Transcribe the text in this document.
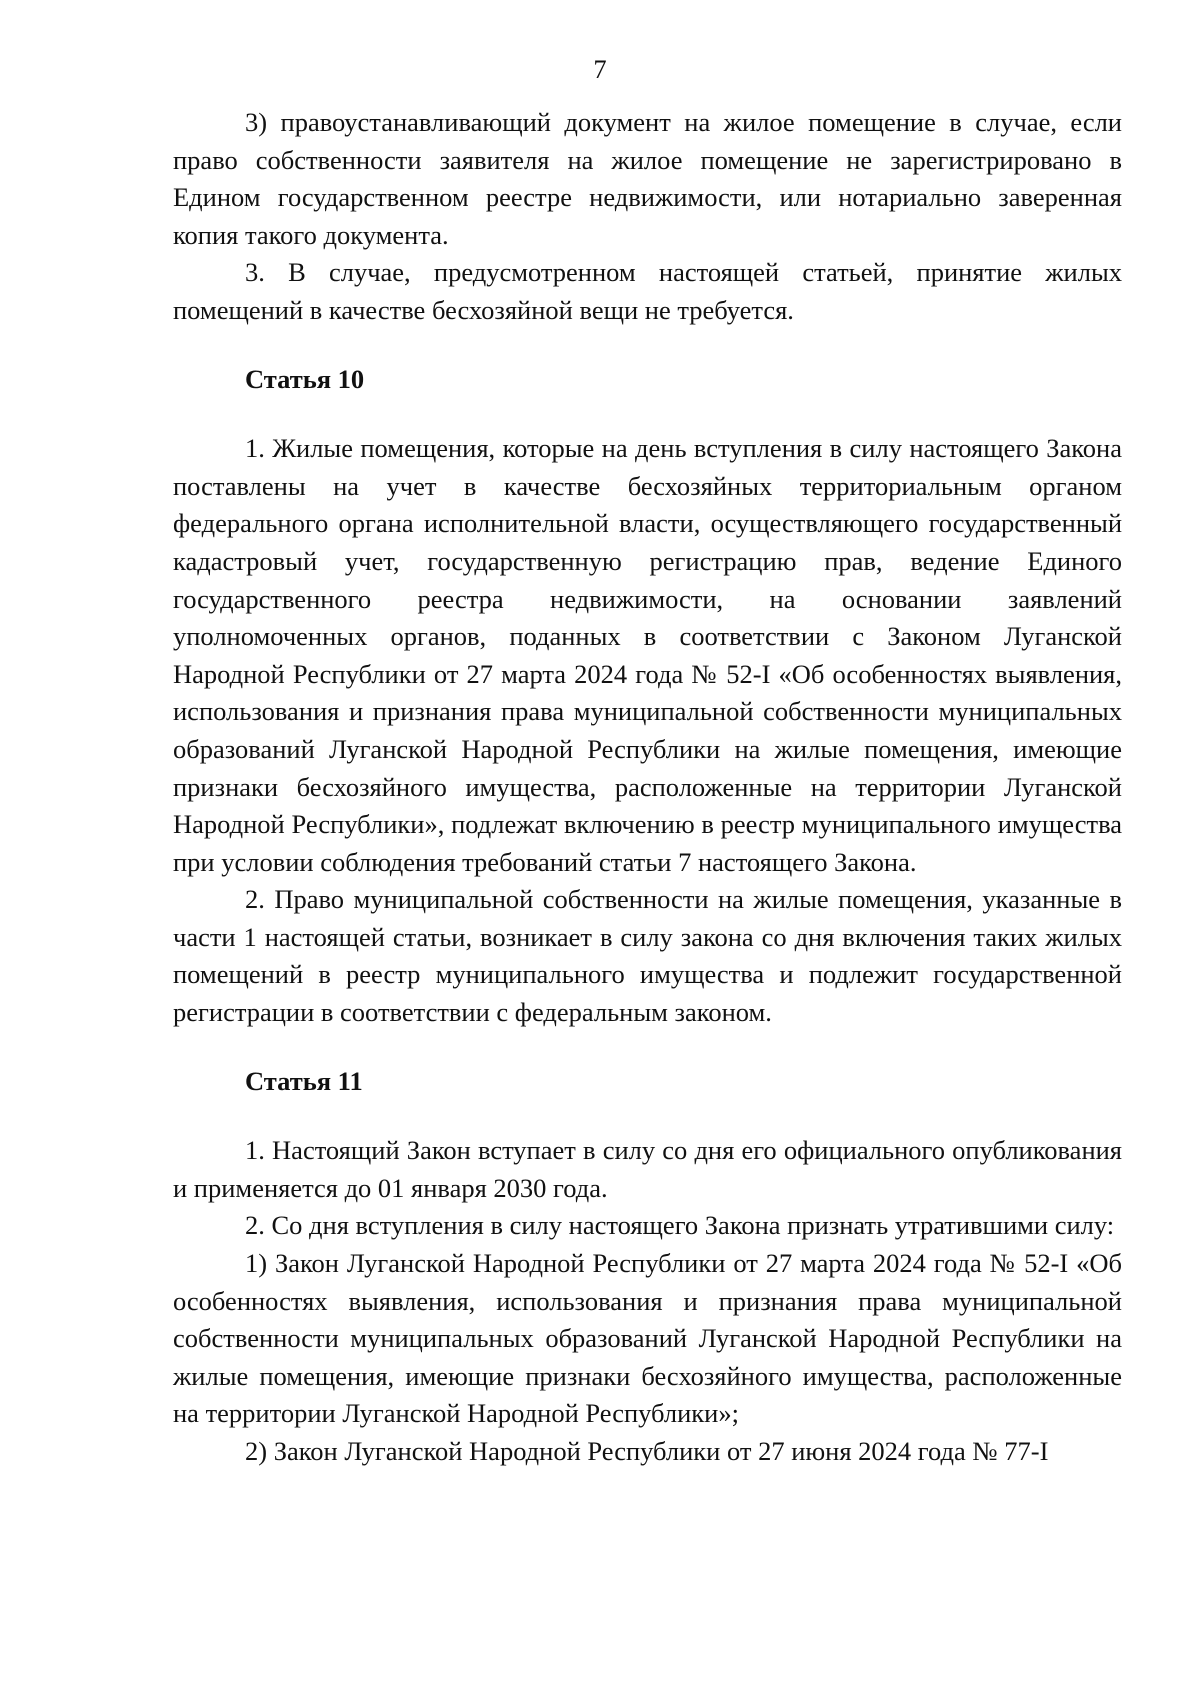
7

3) правоустанавливающий документ на жилое помещение в случае, если право собственности заявителя на жилое помещение не зарегистрировано в Едином государственном реестре недвижимости, или нотариально заверенная копия такого документа.

3. В случае, предусмотренном настоящей статьей, принятие жилых помещений в качестве бесхозяйной вещи не требуется.

Статья 10

1. Жилые помещения, которые на день вступления в силу настоящего Закона поставлены на учет в качестве бесхозяйных территориальным органом федерального органа исполнительной власти, осуществляющего государственный кадастровый учет, государственную регистрацию прав, ведение Единого государственного реестра недвижимости, на основании заявлений уполномоченных органов, поданных в соответствии с Законом Луганской Народной Республики от 27 марта 2024 года № 52-I «Об особенностях выявления, использования и признания права муниципальной собственности муниципальных образований Луганской Народной Республики на жилые помещения, имеющие признаки бесхозяйного имущества, расположенные на территории Луганской Народной Республики», подлежат включению в реестр муниципального имущества при условии соблюдения требований статьи 7 настоящего Закона.

2. Право муниципальной собственности на жилые помещения, указанные в части 1 настоящей статьи, возникает в силу закона со дня включения таких жилых помещений в реестр муниципального имущества и подлежит государственной регистрации в соответствии с федеральным законом.

Статья 11

1. Настоящий Закон вступает в силу со дня его официального опубликования и применяется до 01 января 2030 года.

2. Со дня вступления в силу настоящего Закона признать утратившими силу:

1) Закон Луганской Народной Республики от 27 марта 2024 года № 52-I «Об особенностях выявления, использования и признания права муниципальной собственности муниципальных образований Луганской Народной Республики на жилые помещения, имеющие признаки бесхозяйного имущества, расположенные на территории Луганской Народной Республики»;

2) Закон Луганской Народной Республики от 27 июня 2024 года № 77-I
